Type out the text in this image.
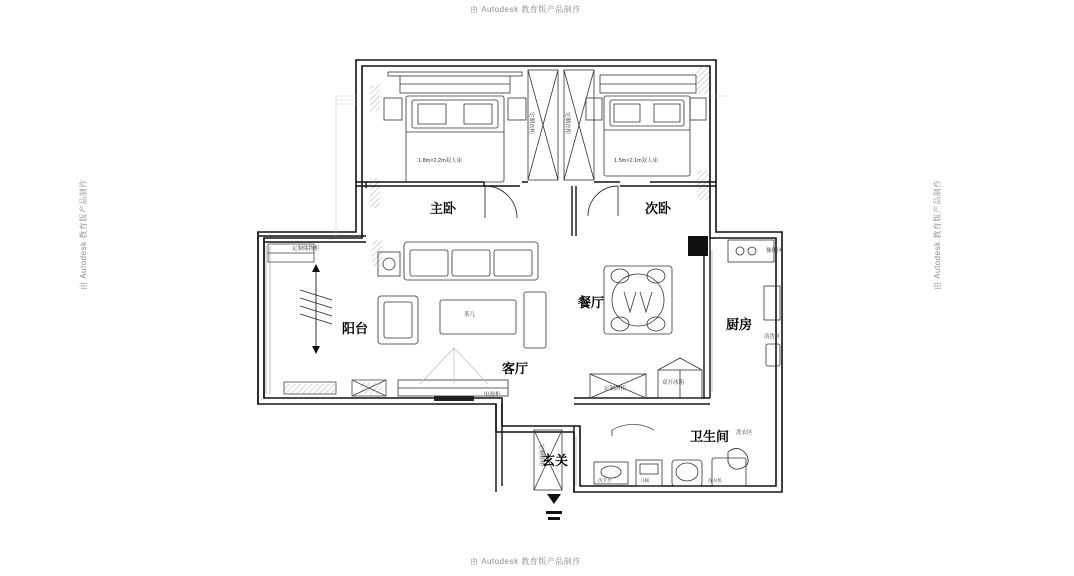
由 Autodesk 教育版产品制作
由 Autodesk 教育版产品制作
由 Autodesk 教育版产品制作	由 Autodesk 教育版产品制作
主卧	次卧
阳台
客厅
餐厅
厨房
卫生间
玄关
1.8m×2.2m双人床	1.5m×2.1m双人床
定制衣柜	定制衣柜
定制储物柜
茶几
电视柜
定制酒柜
双开冰箱
操作区
清洗区
洗衣区
洗衣机
洗手台	马桶
定制鞋柜
